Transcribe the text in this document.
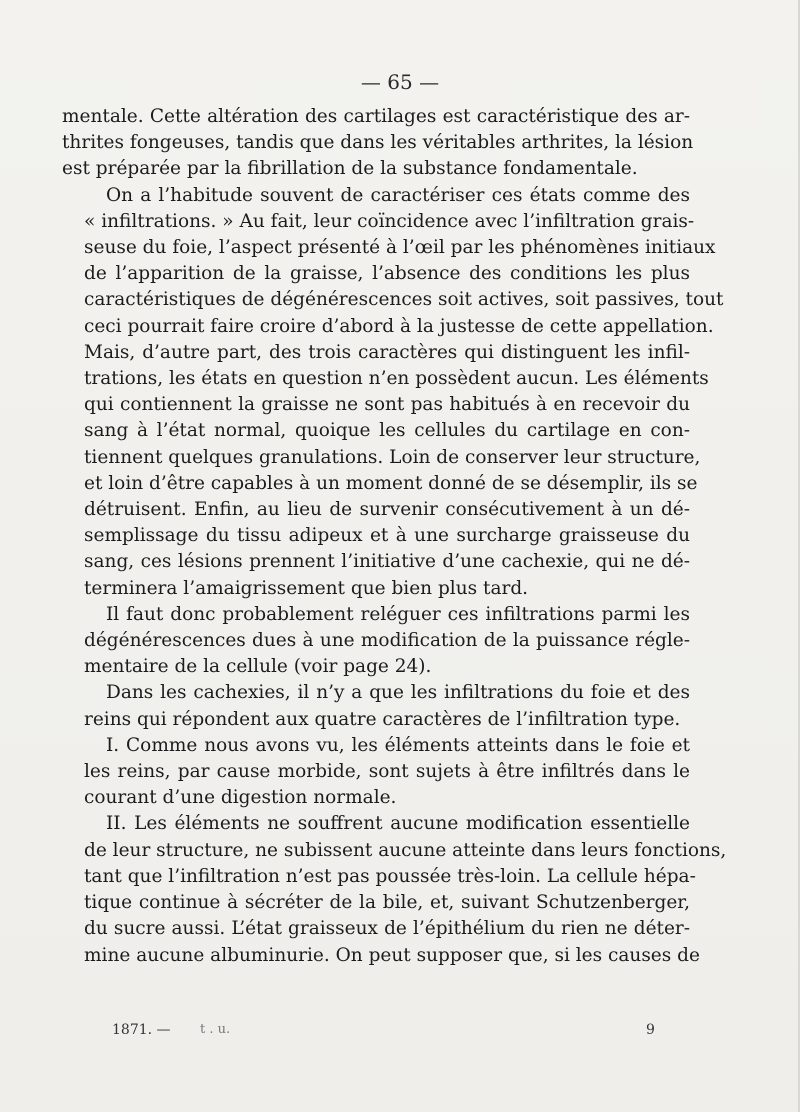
— 65 —
mentale. Cette altération des cartilages est caractéristique des ar-
thrites fongeuses, tandis que dans les véritables arthrites, la lésion
est préparée par la fibrillation de la substance fondamentale.
On a l’habitude souvent de caractériser ces états comme des
« infiltrations. » Au fait, leur coïncidence avec l’infiltration grais-
seuse du foie, l’aspect présenté à l’œil par les phénomènes initiaux
de l’apparition de la graisse, l’absence des conditions les plus
caractéristiques de dégénérescences soit actives, soit passives, tout
ceci pourrait faire croire d’abord à la justesse de cette appellation.
Mais, d’autre part, des trois caractères qui distinguent les infil-
trations, les états en question n’en possèdent aucun. Les éléments
qui contiennent la graisse ne sont pas habitués à en recevoir du
sang à l’état normal, quoique les cellules du cartilage en con-
tiennent quelques granulations. Loin de conserver leur structure,
et loin d’être capables à un moment donné de se désemplir, ils se
détruisent. Enfin, au lieu de survenir consécutivement à un dé-
semplissage du tissu adipeux et à une surcharge graisseuse du
sang, ces lésions prennent l’initiative d’une cachexie, qui ne dé-
terminera l’amaigrissement que bien plus tard.
Il faut donc probablement reléguer ces infiltrations parmi les
dégénérescences dues à une modification de la puissance régle-
mentaire de la cellule (voir page 24).
Dans les cachexies, il n’y a que les infiltrations du foie et des
reins qui répondent aux quatre caractères de l’infiltration type.
I. Comme nous avons vu, les éléments atteints dans le foie et
les reins, par cause morbide, sont sujets à être infiltrés dans le
courant d’une digestion normale.
II. Les éléments ne souffrent aucune modification essentielle
de leur structure, ne subissent aucune atteinte dans leurs fonctions,
tant que l’infiltration n’est pas poussée très-loin. La cellule hépa-
tique continue à sécréter de la bile, et, suivant Schutzenberger,
du sucre aussi. L’état graisseux de l’épithélium du rien ne déter-
mine aucune albuminurie. On peut supposer que, si les causes de
1871. — t . u.	9
